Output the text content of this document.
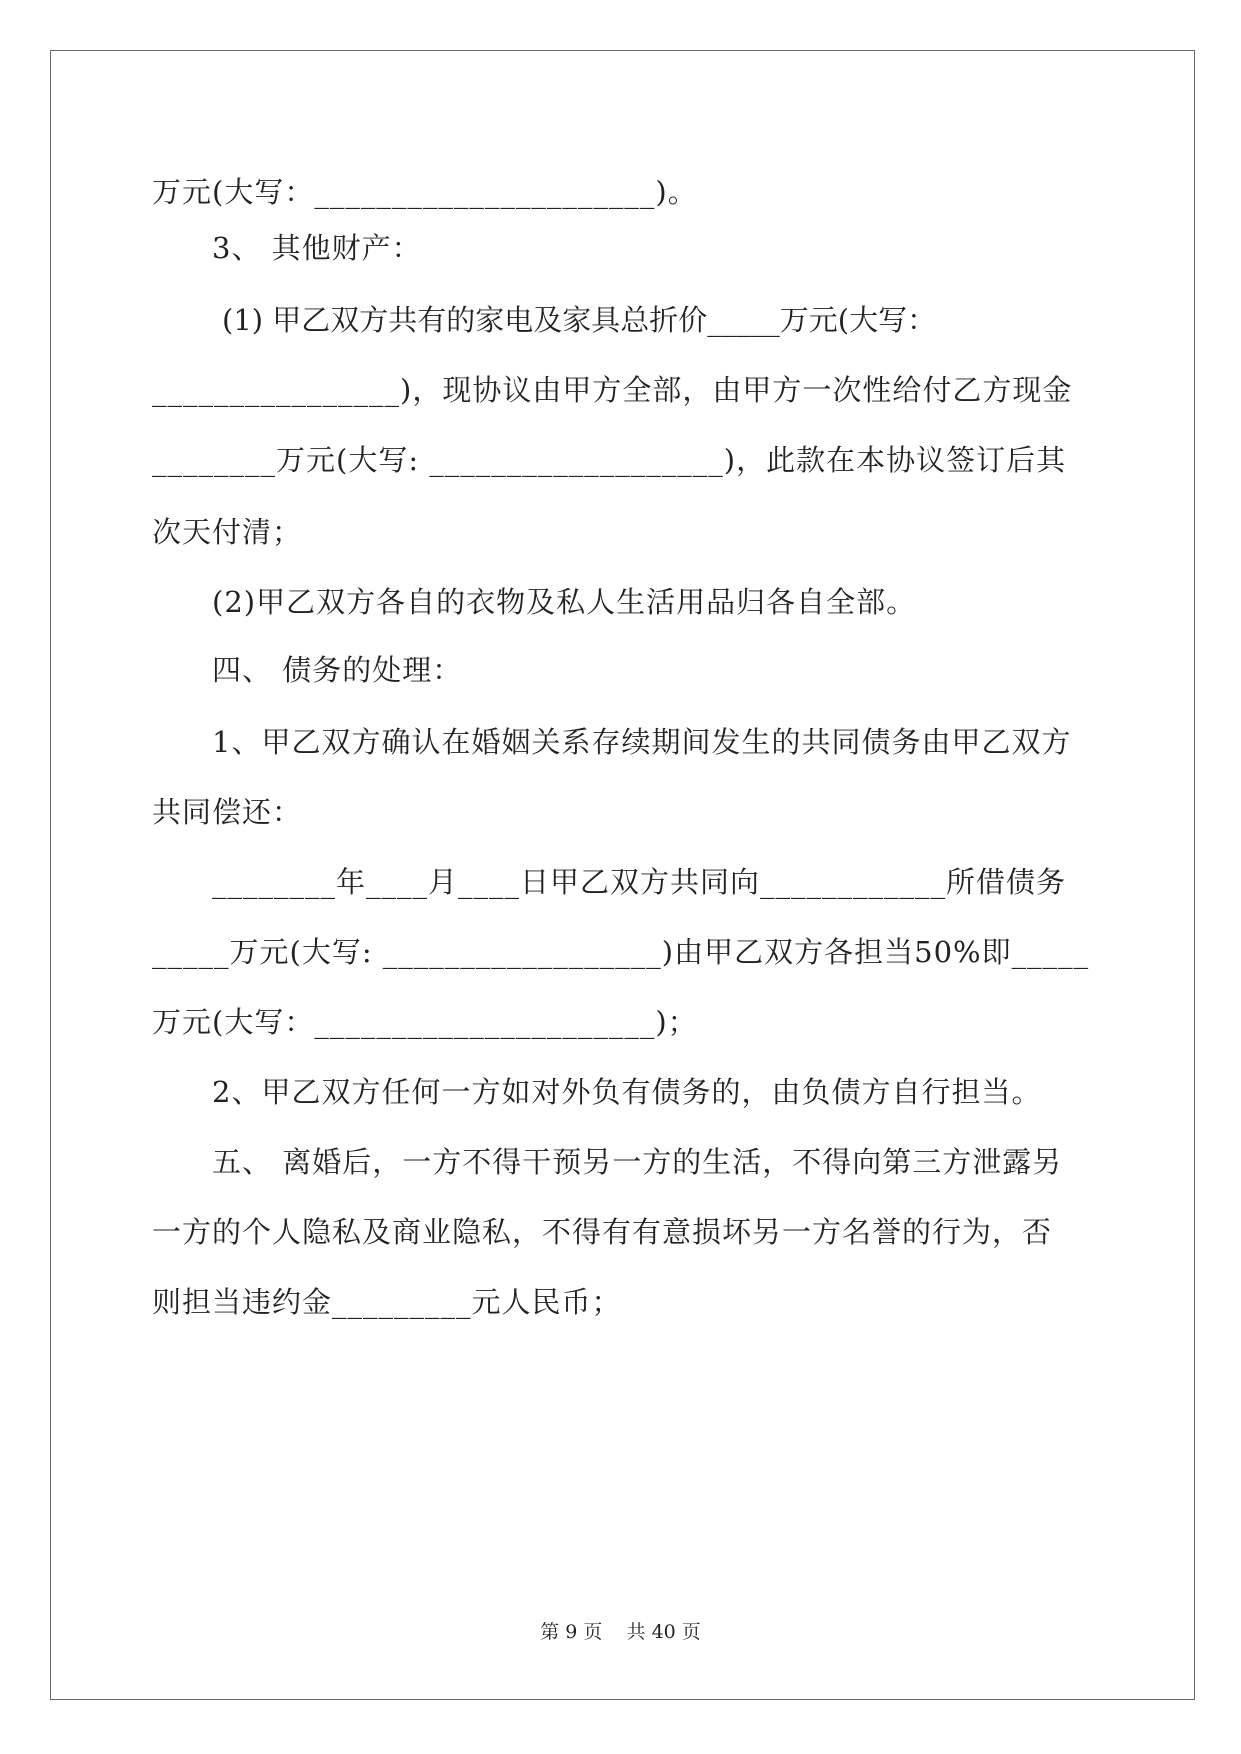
万元(大写：______________________)。
3、 其他财产：
(1) 甲乙双方共有的家电及家具总折价_____万元(大写：
________________)，现协议由甲方全部，由甲方一次性给付乙方现金
________万元(大写: ___________________)，此款在本协议签订后其
次天付清；
(2)甲乙双方各自的衣物及私人生活用品归各自全部。
四、 债务的处理：
1、甲乙双方确认在婚姻关系存续期间发生的共同债务由甲乙双方
共同偿还：
________年____月____日甲乙双方共同向____________所借债务
_____万元(大写: __________________)由甲乙双方各担当50%即_____
万元(大写：______________________)；
2、甲乙双方任何一方如对外负有债务的，由负债方自行担当。
五、 离婚后，一方不得干预另一方的生活，不得向第三方泄露另
一方的个人隐私及商业隐私，不得有有意损坏另一方名誉的行为，否
则担当违约金_________元人民币；
第 9 页    共 40 页
